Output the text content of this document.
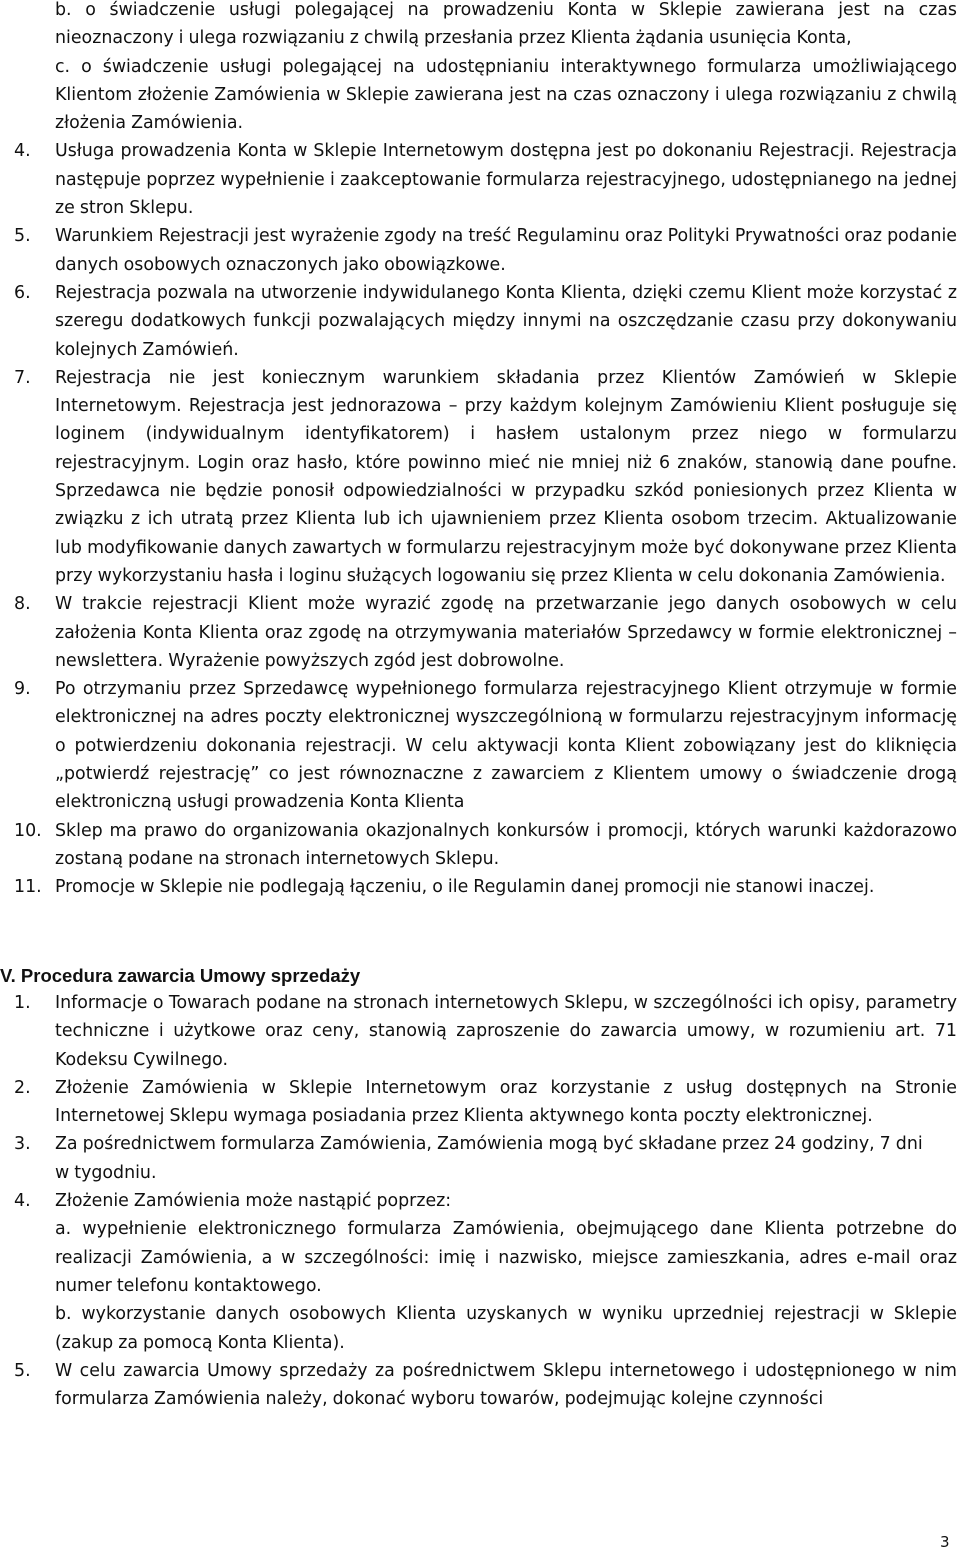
b. o świadczenie usługi polegającej na prowadzeniu Konta w Sklepie zawierana jest na czas nieoznaczony i ulega rozwiązaniu z chwilą przesłania przez Klienta żądania usunięcia Konta,
c. o świadczenie usługi polegającej na udostępnianiu interaktywnego formularza umożliwiającego Klientom złożenie Zamówienia w Sklepie zawierana jest na czas oznaczony i ulega rozwiązaniu z chwilą złożenia Zamówienia.
4.	Usługa prowadzenia Konta w Sklepie Internetowym dostępna jest po dokonaniu Rejestracji. Rejestracja następuje poprzez wypełnienie i zaakceptowanie formularza rejestracyjnego, udostępnianego na jednej ze stron Sklepu.
5.	Warunkiem Rejestracji jest wyrażenie zgody na treść Regulaminu oraz Polityki Prywatności oraz podanie danych osobowych oznaczonych jako obowiązkowe.
6.	Rejestracja pozwala na utworzenie indywidulanego Konta Klienta, dzięki czemu Klient może korzystać z szeregu dodatkowych funkcji pozwalających między innymi na oszczędzanie czasu przy dokonywaniu kolejnych Zamówień.
7.	Rejestracja nie jest koniecznym warunkiem składania przez Klientów Zamówień w Sklepie Internetowym. Rejestracja jest jednorazowa – przy każdym kolejnym Zamówieniu Klient posługuje się loginem (indywidualnym identyfikatorem) i hasłem ustalonym przez niego w formularzu rejestracyjnym. Login oraz hasło, które powinno mieć nie mniej niż 6 znaków, stanowią dane poufne. Sprzedawca nie będzie ponosił odpowiedzialności w przypadku szkód poniesionych przez Klienta w związku z ich utratą przez Klienta lub ich ujawnieniem przez Klienta osobom trzecim. Aktualizowanie lub modyfikowanie danych zawartych w formularzu rejestracyjnym może być dokonywane przez Klienta przy wykorzystaniu hasła i loginu służących logowaniu się przez Klienta w celu dokonania Zamówienia.
8.	W trakcie rejestracji Klient może wyrazić zgodę na przetwarzanie jego danych osobowych w celu założenia Konta Klienta oraz zgodę na otrzymywania materiałów Sprzedawcy w formie elektronicznej – newslettera. Wyrażenie powyższych zgód jest dobrowolne.
9.	Po otrzymaniu przez Sprzedawcę wypełnionego formularza rejestracyjnego Klient otrzymuje w formie elektronicznej na adres poczty elektronicznej wyszczególnioną w formularzu rejestracyjnym informację o potwierdzeniu dokonania rejestracji. W celu aktywacji konta Klient zobowiązany jest do kliknięcia „potwierdź rejestrację” co jest równoznaczne z zawarciem z Klientem umowy o świadczenie drogą elektroniczną usługi prowadzenia Konta Klienta
10. Sklep ma prawo do organizowania okazjonalnych konkursów i promocji, których warunki każdorazowo zostaną podane na stronach internetowych Sklepu.
11. Promocje w Sklepie nie podlegają łączeniu, o ile Regulamin danej promocji nie stanowi inaczej.
V. Procedura zawarcia Umowy sprzedaży
1.	Informacje o Towarach podane na stronach internetowych Sklepu, w szczególności ich opisy, parametry techniczne i użytkowe oraz ceny, stanowią zaproszenie do zawarcia umowy, w rozumieniu art. 71 Kodeksu Cywilnego.
2.	Złożenie Zamówienia w Sklepie Internetowym oraz korzystanie z usług dostępnych na Stronie Internetowej Sklepu wymaga posiadania przez Klienta aktywnego konta poczty elektronicznej.
3.	Za pośrednictwem formularza Zamówienia, Zamówienia mogą być składane przez 24 godziny, 7 dni
w tygodniu.
4.	Złożenie Zamówienia może nastąpić poprzez:
a. wypełnienie elektronicznego formularza Zamówienia, obejmującego dane Klienta potrzebne do realizacji Zamówienia, a w szczególności: imię i nazwisko, miejsce zamieszkania, adres e-mail oraz numer telefonu kontaktowego.
b. wykorzystanie danych osobowych Klienta uzyskanych w wyniku uprzedniej rejestracji w Sklepie (zakup za pomocą Konta Klienta).
5.	W celu zawarcia Umowy sprzedaży za pośrednictwem Sklepu internetowego i udostępnionego w nim formularza Zamówienia należy, dokonać wyboru towarów, podejmując kolejne czynności
3
